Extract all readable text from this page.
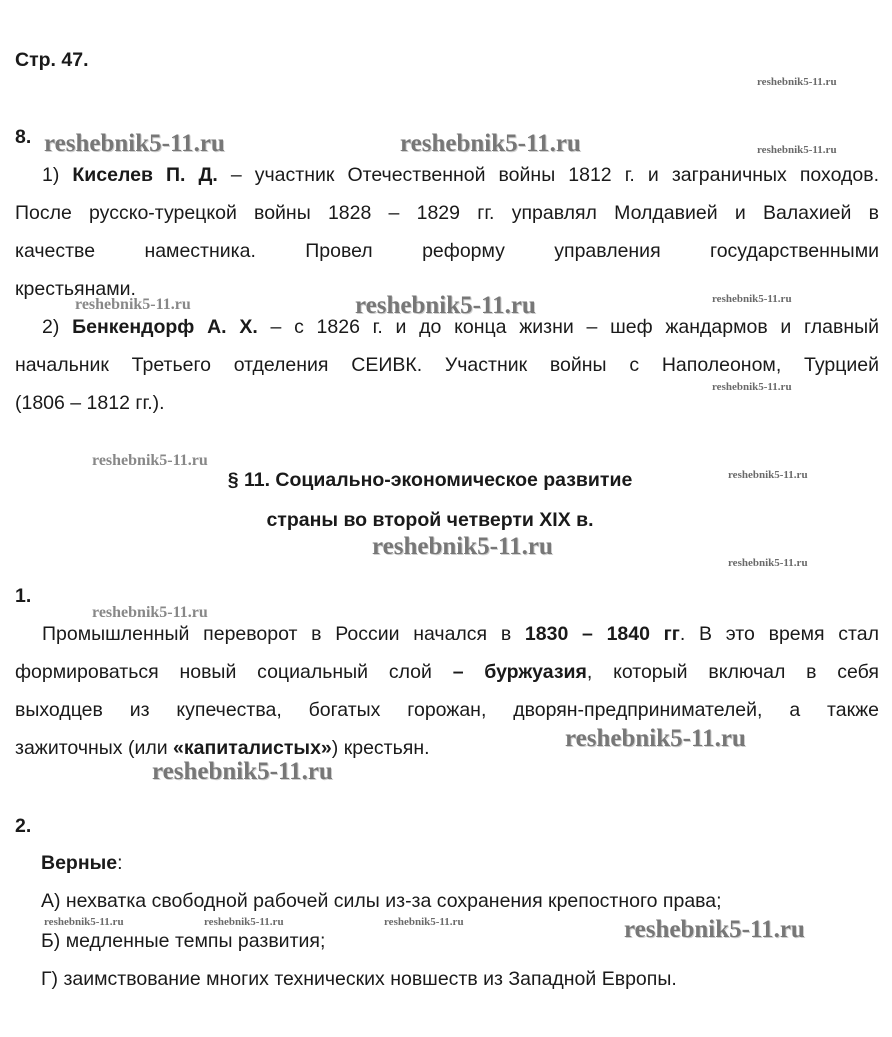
Стр. 47.
8.
1) Киселев П. Д. – участник Отечественной войны 1812 г. и заграничных походов.
После русско-турецкой войны 1828 – 1829 гг. управлял Молдавией и Валахией в
качестве наместника. Провел реформу управления государственными
крестьянами.
2) Бенкендорф А. Х. – с 1826 г. и до конца жизни – шеф жандармов и главный
начальник Третьего отделения СЕИВК. Участник войны с Наполеоном, Турцией
(1806 – 1812 гг.).
§ 11. Социально-экономическое развитие
страны во второй четверти XIX в.
1.
Промышленный переворот в России начался в 1830 – 1840 гг. В это время стал
формироваться новый социальный слой – буржуазия, который включал в себя
выходцев из купечества, богатых горожан, дворян-предпринимателей, а также
зажиточных (или «капиталистых») крестьян.
2.
Верные:
А) нехватка свободной рабочей силы из-за сохранения крепостного права;
Б) медленные темпы развития;
Г) заимствование многих технических новшеств из Западной Европы.
reshebnik5-11.ru
reshebnik5-11.ru	reshebnik5-11.ru	reshebnik5-11.ru
reshebnik5-11.ru	reshebnik5-11.ru	reshebnik5-11.ru
reshebnik5-11.ru
reshebnik5-11.ru
reshebnik5-11.ru
reshebnik5-11.ru
reshebnik5-11.ru
reshebnik5-11.ru
reshebnik5-11.ru
reshebnik5-11.ru
reshebnik5-11.ru	reshebnik5-11.ru	reshebnik5-11.ru	reshebnik5-11.ru
